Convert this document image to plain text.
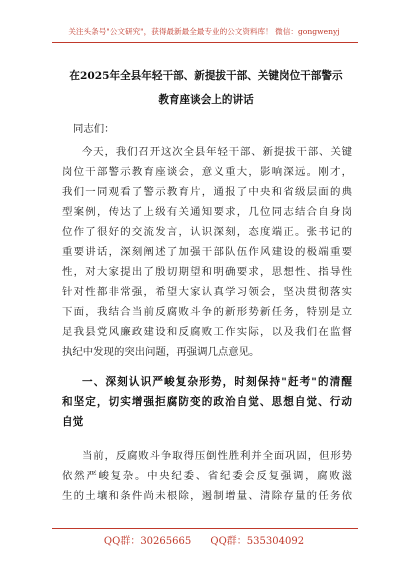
关注头条号"公文研究"，获得最新最全最专业的公文资料库！ 微信：gongwenyj
在2025年全县年轻干部、新提拔干部、关键岗位干部警示
教育座谈会上的讲话
同志们：
今天，我们召开这次全县年轻干部、新提拔干部、关键
岗位干部警示教育座谈会，意义重大，影响深远。刚才，
我们一同观看了警示教育片，通报了中央和省级层面的典
型案例，传达了上级有关通知要求，几位同志结合自身岗
位作了很好的交流发言，认识深刻，态度端正。张书记的
重要讲话，深刻阐述了加强干部队伍作风建设的极端重要
性，对大家提出了殷切期望和明确要求，思想性、指导性
针对性都非常强，希望大家认真学习领会，坚决贯彻落实
下面，我结合当前反腐败斗争的新形势新任务，特别是立
足我县党风廉政建设和反腐败工作实际，以及我们在监督
执纪中发现的突出问题，再强调几点意见。
一、深刻认识严峻复杂形势，时刻保持"赶考"的清醒
和坚定，切实增强拒腐防变的政治自觉、思想自觉、行动
自觉
当前，反腐败斗争取得压倒性胜利并全面巩固，但形势
依然严峻复杂。中央纪委、省纪委会反复强调，腐败滋
生的土壤和条件尚未根除，遏制增量、清除存量的任务依
QQ群：30265665 QQ群：535304092
